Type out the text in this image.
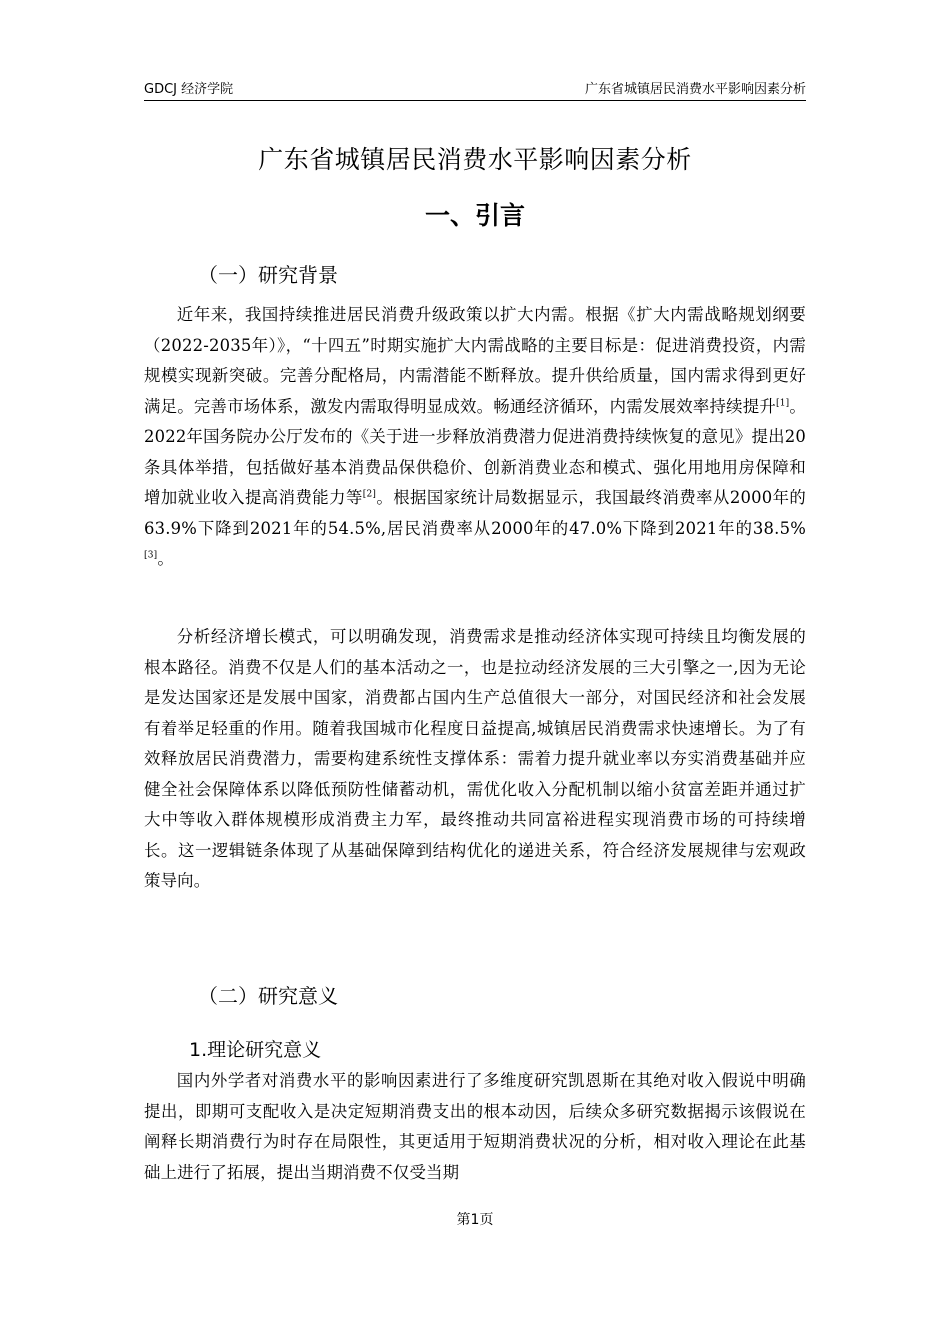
GDCJ 经济学院	广东省城镇居民消费水平影响因素分析
广东省城镇居民消费水平影响因素分析
一、引言
（一）研究背景

近年来，我国持续推进居民消费升级政策以扩大内需。根据《扩大内需战略规划纲要（2022-2035年）》，“十四五”时期实施扩大内需战略的主要目标是：促进消费投资，内需规模实现新突破。完善分配格局，内需潜能不断释放。提升供给质量，国内需求得到更好满足。完善市场体系，激发内需取得明显成效。畅通经济循环，内需发展效率持续提升[1]。2022年国务院办公厅发布的《关于进一步释放消费潜力促进消费持续恢复的意见》提出20条具体举措，包括做好基本消费品保供稳价、创新消费业态和模式、强化用地用房保障和增加就业收入提高消费能力等[2]。根据国家统计局数据显示，我国最终消费率从2000年的63.9%下降到2021年的54.5%,居民消费率从2000年的47.0%下降到2021年的38.5%[3]。

分析经济增长模式，可以明确发现，消费需求是推动经济体实现可持续且均衡发展的根本路径。消费不仅是人们的基本活动之一，也是拉动经济发展的三大引擎之一,因为无论是发达国家还是发展中国家，消费都占国内生产总值很大一部分，对国民经济和社会发展有着举足轻重的作用。随着我国城市化程度日益提高,城镇居民消费需求快速增长。为了有效释放居民消费潜力，需要构建系统性支撑体系：需着力提升就业率以夯实消费基础并应健全社会保障体系以降低预防性储蓄动机，需优化收入分配机制以缩小贫富差距并通过扩大中等收入群体规模形成消费主力军，最终推动共同富裕进程实现消费市场的可持续增长。这一逻辑链条体现了从基础保障到结构优化的递进关系，符合经济发展规律与宏观政策导向。

（二）研究意义
1.理论研究意义

国内外学者对消费水平的影响因素进行了多维度研究凯恩斯在其绝对收入假说中明确提出，即期可支配收入是决定短期消费支出的根本动因，后续众多研究数据揭示该假说在阐释长期消费行为时存在局限性，其更适用于短期消费状况的分析，相对收入理论在此基础上进行了拓展，提出当期消费不仅受当期

第1页
